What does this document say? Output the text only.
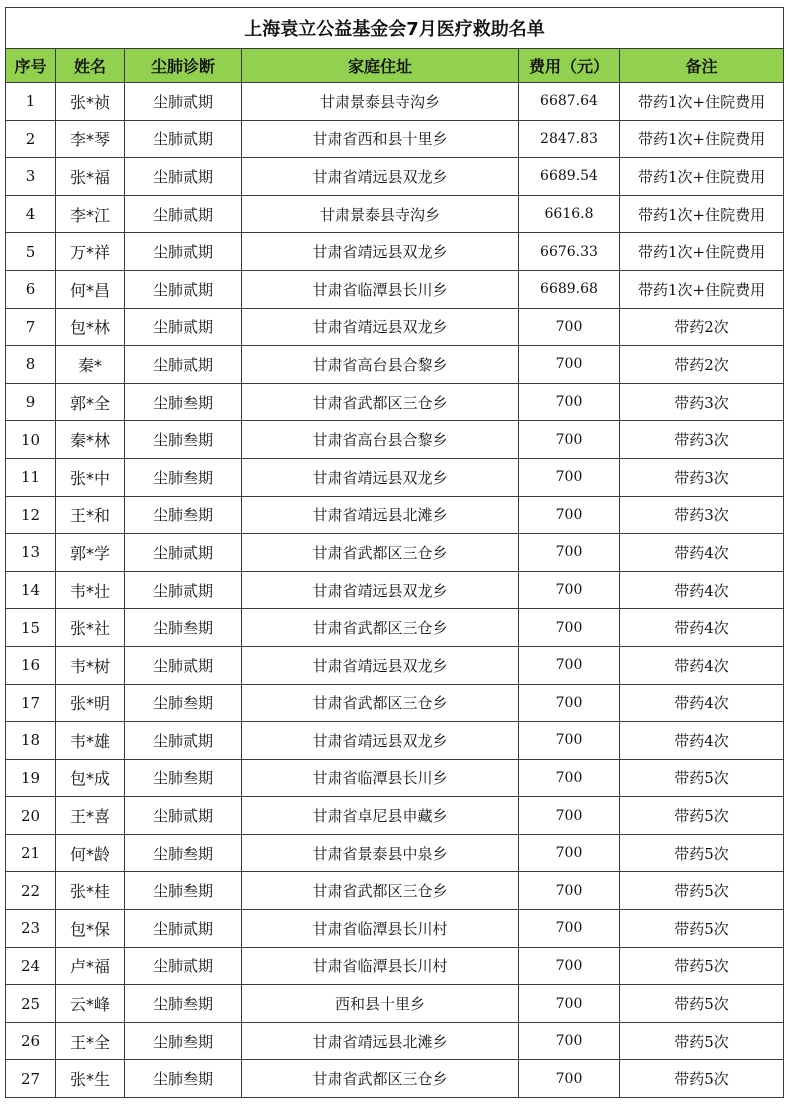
上海袁立公益基金会7月医疗救助名单					
序号	姓名	尘肺诊断	家庭住址	费用（元）	备注
1	张*祯	尘肺贰期	甘肃景泰县寺沟乡	6687.64	带药1次+住院费用
2	李*琴	尘肺贰期	甘肃省西和县十里乡	2847.83	带药1次+住院费用
3	张*福	尘肺贰期	甘肃省靖远县双龙乡	6689.54	带药1次+住院费用
4	李*江	尘肺贰期	甘肃景泰县寺沟乡	6616.8	带药1次+住院费用
5	万*祥	尘肺贰期	甘肃省靖远县双龙乡	6676.33	带药1次+住院费用
6	何*昌	尘肺贰期	甘肃省临潭县长川乡	6689.68	带药1次+住院费用
7	包*林	尘肺贰期	甘肃省靖远县双龙乡	700	带药2次
8	秦*	尘肺贰期	甘肃省高台县合黎乡	700	带药2次
9	郭*全	尘肺叁期	甘肃省武都区三仓乡	700	带药3次
10	秦*林	尘肺叁期	甘肃省高台县合黎乡	700	带药3次
11	张*中	尘肺叁期	甘肃省靖远县双龙乡	700	带药3次
12	王*和	尘肺叁期	甘肃省靖远县北滩乡	700	带药3次
13	郭*学	尘肺贰期	甘肃省武都区三仓乡	700	带药4次
14	韦*壮	尘肺贰期	甘肃省靖远县双龙乡	700	带药4次
15	张*社	尘肺叁期	甘肃省武都区三仓乡	700	带药4次
16	韦*树	尘肺贰期	甘肃省靖远县双龙乡	700	带药4次
17	张*明	尘肺叁期	甘肃省武都区三仓乡	700	带药4次
18	韦*雄	尘肺贰期	甘肃省靖远县双龙乡	700	带药4次
19	包*成	尘肺叁期	甘肃省临潭县长川乡	700	带药5次
20	王*喜	尘肺贰期	甘肃省卓尼县申藏乡	700	带药5次
21	何*龄	尘肺叁期	甘肃省景泰县中泉乡	700	带药5次
22	张*桂	尘肺叁期	甘肃省武都区三仓乡	700	带药5次
23	包*保	尘肺贰期	甘肃省临潭县长川村	700	带药5次
24	卢*福	尘肺贰期	甘肃省临潭县长川村	700	带药5次
25	云*峰	尘肺叁期	西和县十里乡	700	带药5次
26	王*全	尘肺叁期	甘肃省靖远县北滩乡	700	带药5次
27	张*生	尘肺叁期	甘肃省武都区三仓乡	700	带药5次
